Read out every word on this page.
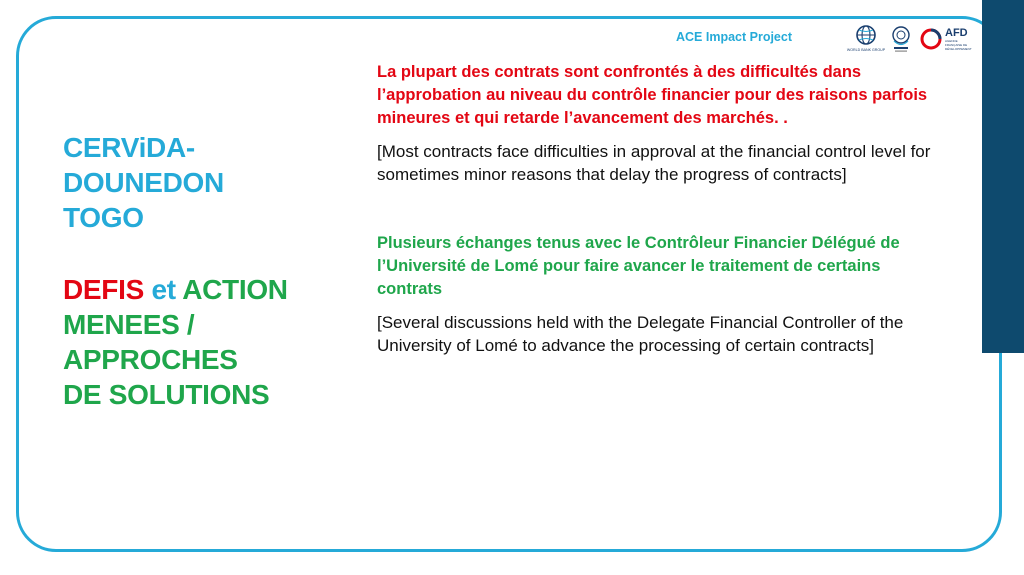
ACE Impact Project
WORLD BANK GROUP
AFD
AGENCE FRANÇAISE DE DÉVELOPPEMENT
CERViDA-
DOUNEDON
TOGO
DEFIS et ACTION
MENEES /
APPROCHES
DE SOLUTIONS

La plupart des contrats sont confrontés à des difficultés dans l’approbation au niveau du contrôle financier pour des raisons parfois mineures et qui retarde l’avancement des marchés. .

[Most contracts face difficulties in approval at the financial control level for sometimes minor reasons that delay the progress of contracts]

Plusieurs échanges tenus avec le Contrôleur Financier Délégué de l’Université de Lomé pour faire avancer le traitement de certains contrats

[Several discussions held with the Delegate Financial Controller of the University of Lomé to advance the processing of certain contracts]
